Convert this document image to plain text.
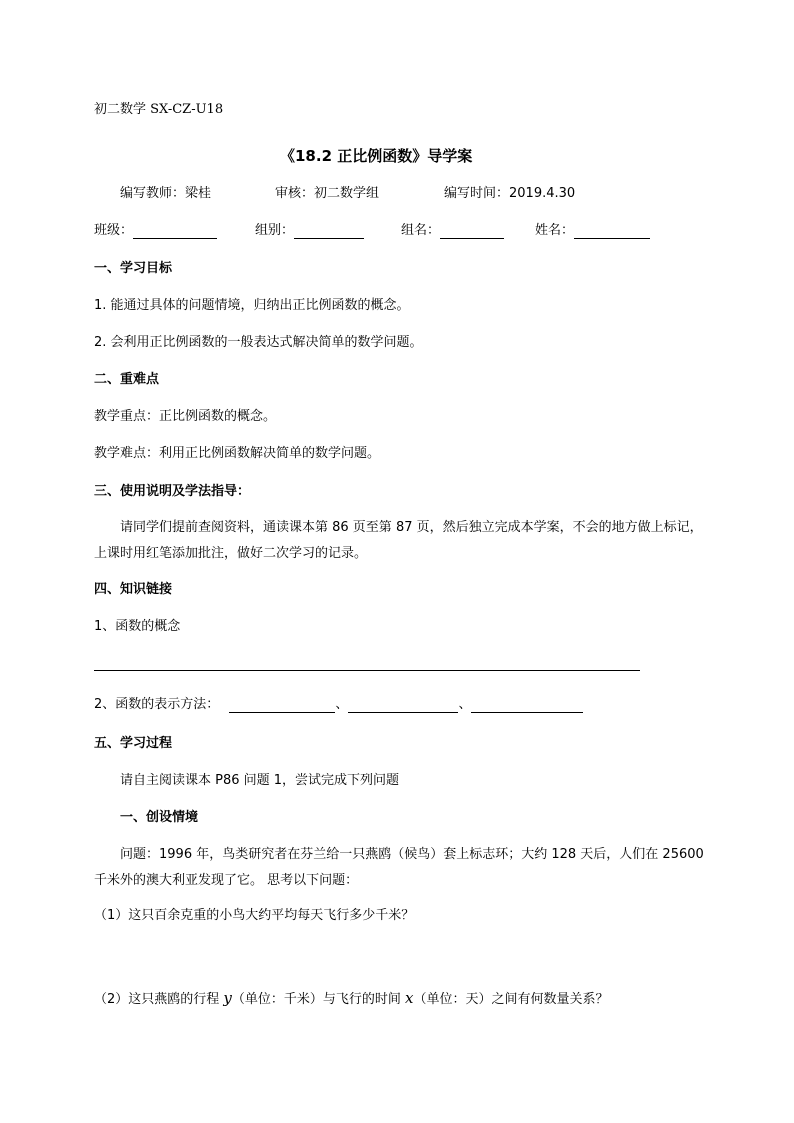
初二数学 SX-CZ-U18
《18.2 正比例函数》导学案
编写教师：梁桂	审核：初二数学组	编写时间：2019.4.30
班级：	组别：	组名：	姓名：
一、学习目标
1. 能通过具体的问题情境，归纳出正比例函数的概念。
2. 会利用正比例函数的一般表达式解决简单的数学问题。
二、重难点
教学重点：正比例函数的概念。
教学难点：利用正比例函数解决简单的数学问题。
三、使用说明及学法指导：
请同学们提前查阅资料，通读课本第 86 页至第 87 页，然后独立完成本学案，不会的地方做上标记，上课时用红笔添加批注，做好二次学习的记录。
四、知识链接
1、函数的概念
2、函数的表示方法：	、	、
五、学习过程
请自主阅读课本 P86 问题 1，尝试完成下列问题
一、创设情境
问题：1996 年，鸟类研究者在芬兰给一只燕鸥（候鸟）套上标志环；大约 128 天后，人们在 25600 千米外的澳大利亚发现了它。 思考以下问题：
（1）这只百余克重的小鸟大约平均每天飞行多少千米？
（2）这只燕鸥的行程 y（单位：千米）与飞行的时间 x（单位：天）之间有何数量关系？
